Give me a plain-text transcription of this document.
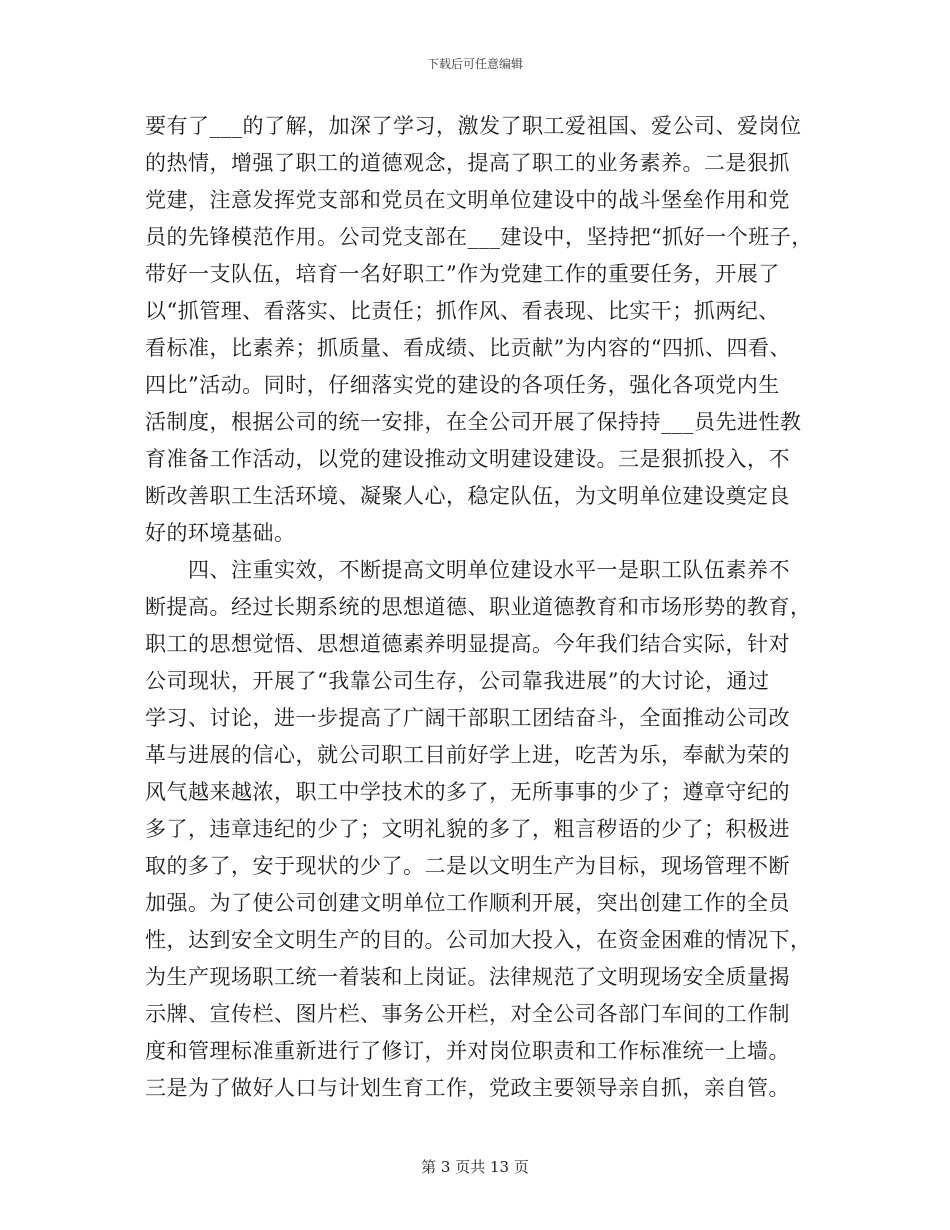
下载后可任意编辑
要有了___的了解，加深了学习，激发了职工爱祖国、爱公司、爱岗位
的热情，增强了职工的道德观念，提高了职工的业务素养。二是狠抓
党建，注意发挥党支部和党员在文明单位建设中的战斗堡垒作用和党
员的先锋模范作用。公司党支部在___建设中，坚持把“抓好一个班子，
带好一支队伍，培育一名好职工”作为党建工作的重要任务，开展了
以“抓管理、看落实、比责任；抓作风、看表现、比实干；抓两纪、
看标准，比素养；抓质量、看成绩、比贡献”为内容的“四抓、四看、
四比”活动。同时，仔细落实党的建设的各项任务，强化各项党内生
活制度，根据公司的统一安排，在全公司开展了保持持___员先进性教
育准备工作活动，以党的建设推动文明建设建设。三是狠抓投入，不
断改善职工生活环境、凝聚人心，稳定队伍，为文明单位建设奠定良
好的环境基础。
　　四、注重实效，不断提高文明单位建设水平一是职工队伍素养不
断提高。经过长期系统的思想道德、职业道德教育和市场形势的教育，
职工的思想觉悟、思想道德素养明显提高。今年我们结合实际，针对
公司现状，开展了“我靠公司生存，公司靠我进展”的大讨论，通过
学习、讨论，进一步提高了广阔干部职工团结奋斗，全面推动公司改
革与进展的信心，就公司职工目前好学上进，吃苦为乐，奉献为荣的
风气越来越浓，职工中学技术的多了，无所事事的少了；遵章守纪的
多了，违章违纪的少了；文明礼貌的多了，粗言秽语的少了；积极进
取的多了，安于现状的少了。二是以文明生产为目标，现场管理不断
加强。为了使公司创建文明单位工作顺利开展，突出创建工作的全员
性，达到安全文明生产的目的。公司加大投入，在资金困难的情况下，
为生产现场职工统一着装和上岗证。法律规范了文明现场安全质量揭
示牌、宣传栏、图片栏、事务公开栏，对全公司各部门车间的工作制
度和管理标准重新进行了修订，并对岗位职责和工作标准统一上墙。
三是为了做好人口与计划生育工作，党政主要领导亲自抓，亲自管。
第 3 页共 13 页
